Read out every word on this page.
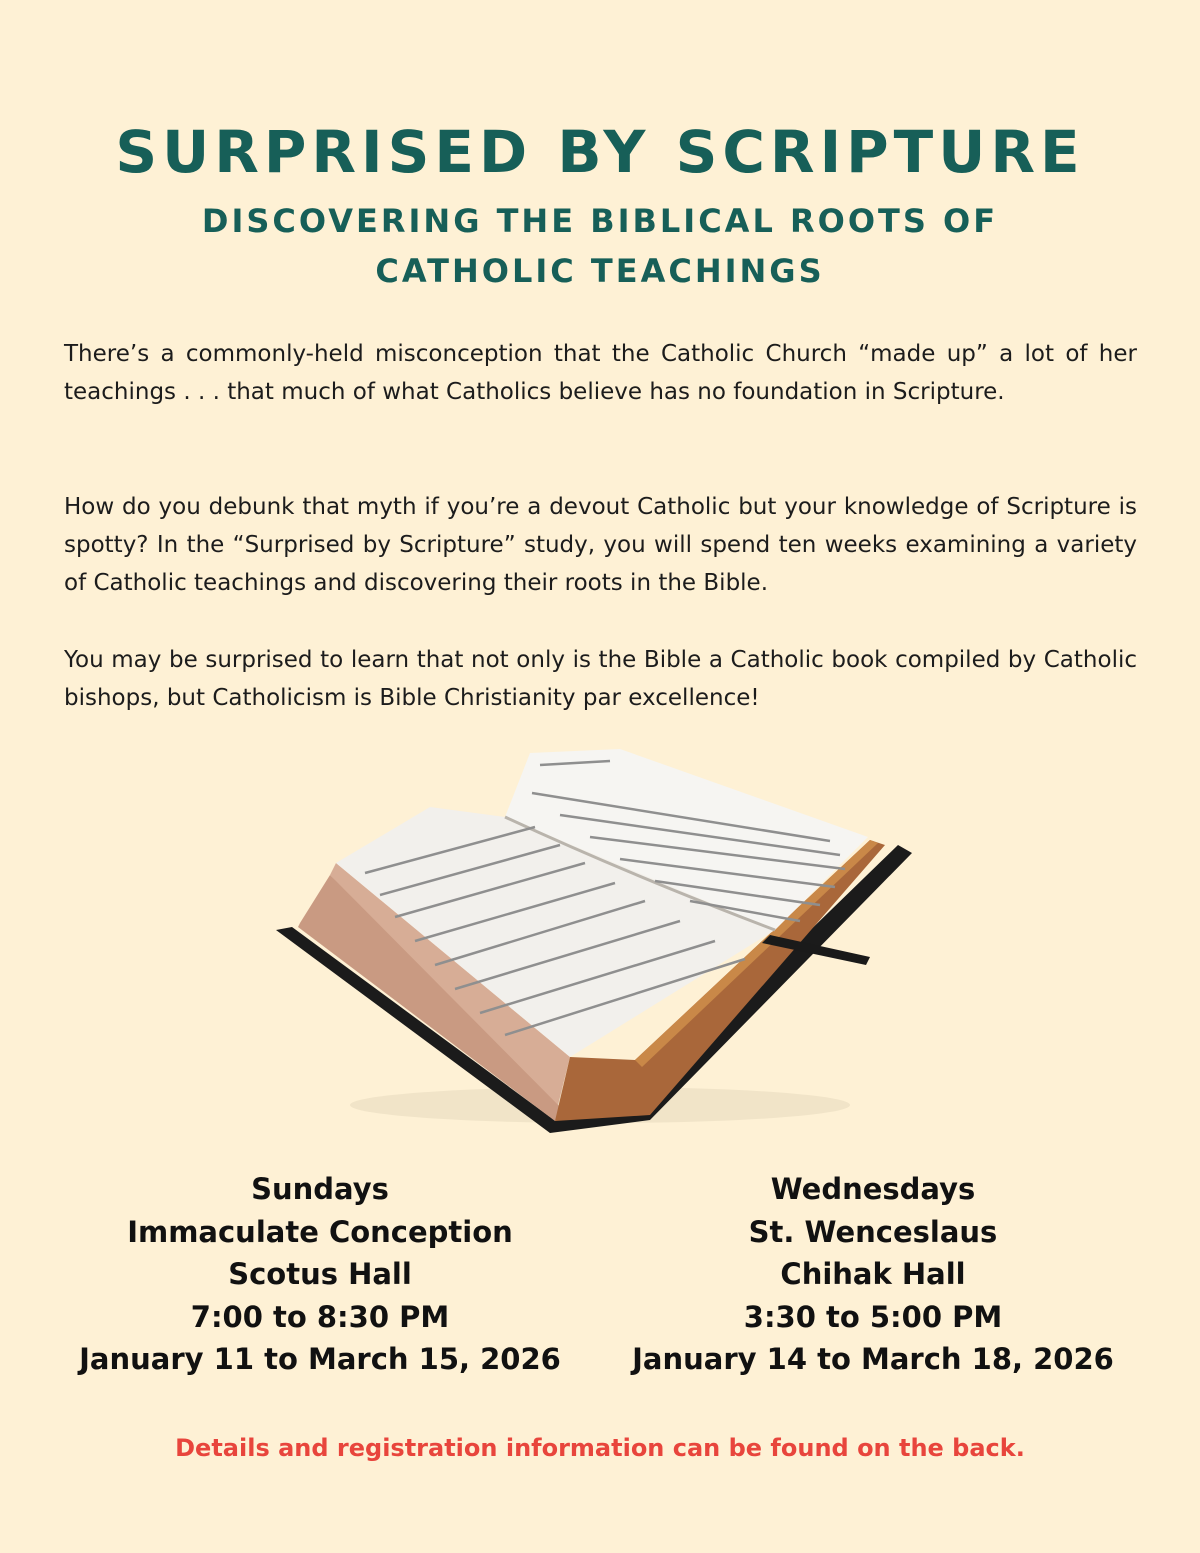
SURPRISED BY SCRIPTURE
DISCOVERING THE BIBLICAL ROOTS OF
CATHOLIC TEACHINGS

There’s a commonly-held misconception that the Catholic Church “made up” a lot of her teachings . . . that much of what Catholics believe has no foundation in Scripture.

How do you debunk that myth if you’re a devout Catholic but your knowledge of Scripture is spotty? In the “Surprised by Scripture” study, you will spend ten weeks examining a variety of Catholic teachings and discovering their roots in the Bible.

You may be surprised to learn that not only is the Bible a Catholic book compiled by Catholic bishops, but Catholicism is Bible Christianity par excellence!

Sundays
Immaculate Conception
Scotus Hall
7:00 to 8:30 PM
January 11 to March 15, 2026
Wednesdays
St. Wenceslaus
Chihak Hall
3:30 to 5:00 PM
January 14 to March 18, 2026
Details and registration information can be found on the back.
